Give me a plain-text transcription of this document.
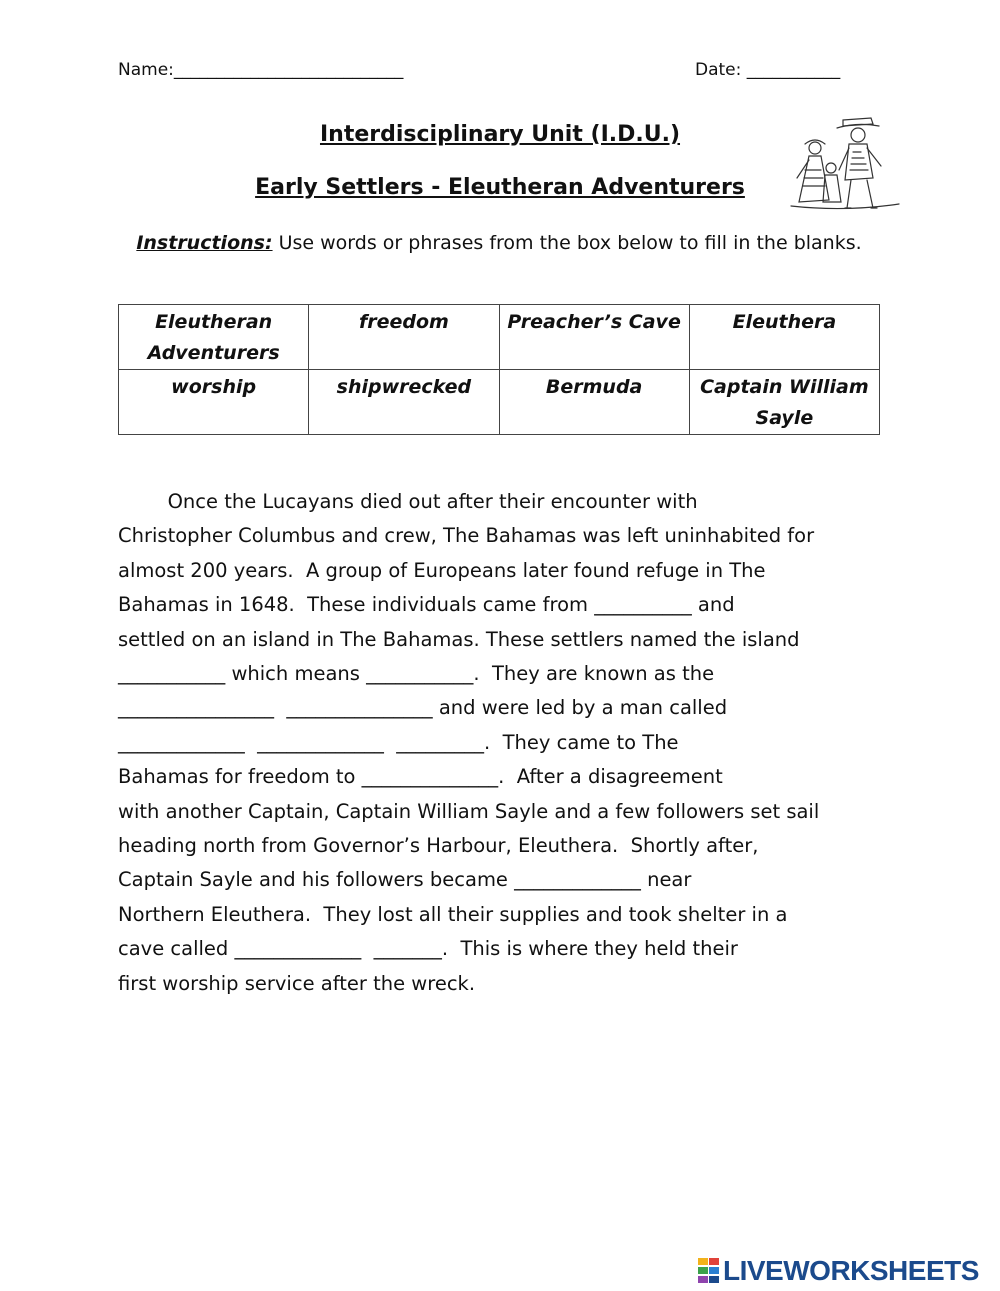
Name:___________________________	Date: ___________
Interdisciplinary Unit (I.D.U.)
Early Settlers - Eleutheran Adventurers
Instructions: Use words or phrases from the box below to fill in the blanks.
Eleutheran Adventurers	freedom	Preacher’s Cave	Eleuthera
worship	shipwrecked	Bermuda	Captain William Sayle
Once the Lucayans died out after their encounter with
Christopher Columbus and crew, The Bahamas was left uninhabited for
almost 200 years.  A group of Europeans later found refuge in The
Bahamas in 1648.  These individuals came from __________ and
settled on an island in The Bahamas. These settlers named the island
___________ which means ___________.  They are known as the
________________  _______________ and were led by a man called
_____________  _____________  _________.  They came to The
Bahamas for freedom to ______________.  After a disagreement
with another Captain, Captain William Sayle and a few followers set sail
heading north from Governor’s Harbour, Eleuthera.  Shortly after,
Captain Sayle and his followers became _____________ near
Northern Eleuthera.  They lost all their supplies and took shelter in a
cave called _____________  _______.  This is where they held their
first worship service after the wreck.
LIVEWORKSHEETS
